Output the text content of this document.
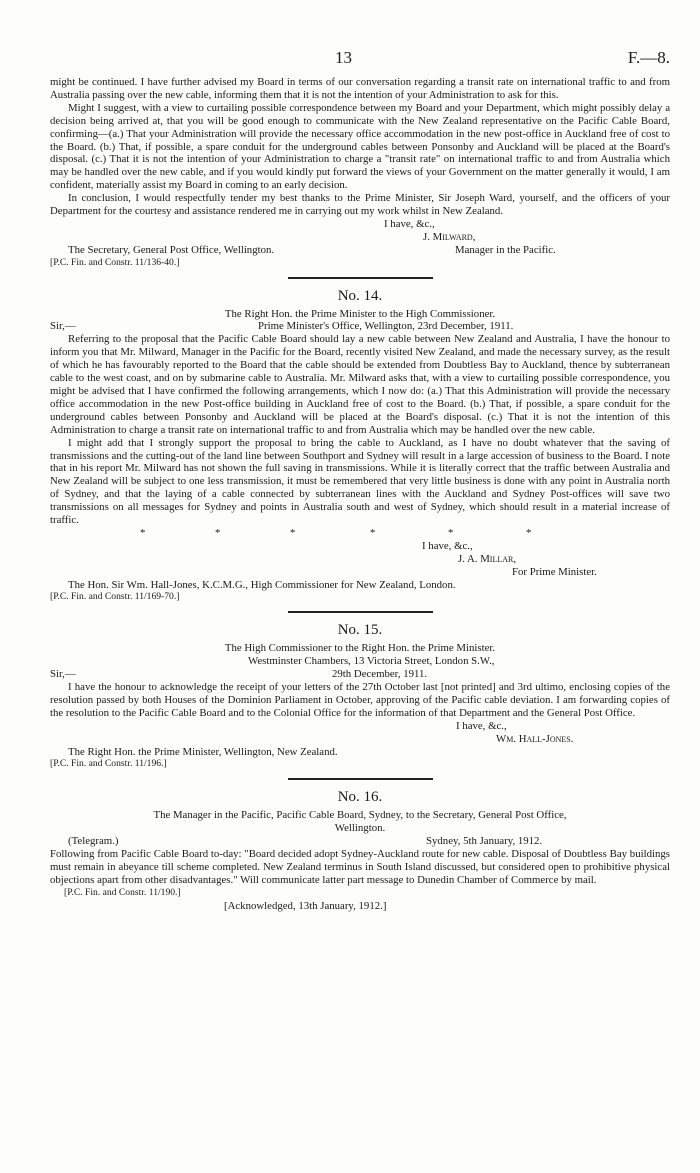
13	F.—8.

might be continued. I have further advised my Board in terms of our conversation regarding a transit rate on international traffic to and from Australia passing over the new cable, informing them that it is not the intention of your Administration to ask for this.

Might I suggest, with a view to curtailing possible correspondence between my Board and your Department, which might possibly delay a decision being arrived at, that you will be good enough to communicate with the New Zealand representative on the Pacific Cable Board, confirming—(a.) That your Administration will provide the necessary office accommodation in the new post-office in Auckland free of cost to the Board. (b.) That, if possible, a spare conduit for the underground cables between Ponsonby and Auckland will be placed at the Board's disposal. (c.) That it is not the intention of your Administration to charge a "transit rate" on international traffic to and from Australia which may be handled over the new cable, and if you would kindly put forward the views of your Government on the matter generally it would, I am confident, materially assist my Board in coming to an early decision.

In conclusion, I would respectfully tender my best thanks to the Prime Minister, Sir Joseph Ward, yourself, and the officers of your Department for the courtesy and assistance rendered me in carrying out my work whilst in New Zealand.

I have, &c.,
J. Milward,
The Secretary, General Post Office, Wellington.	Manager in the Pacific.
[P.C. Fin. and Constr. 11/136-40.]
No. 14.
The Right Hon. the Prime Minister to the High Commissioner.
Sir,—	Prime Minister's Office, Wellington, 23rd December, 1911.

Referring to the proposal that the Pacific Cable Board should lay a new cable between New Zealand and Australia, I have the honour to inform you that Mr. Milward, Manager in the Pacific for the Board, recently visited New Zealand, and made the necessary survey, as the result of which he has favourably reported to the Board that the cable should be extended from Doubtless Bay to Auckland, thence by subterranean cable to the west coast, and on by submarine cable to Australia. Mr. Milward asks that, with a view to curtailing possible correspondence, you might be advised that I have confirmed the following arrangements, which I now do: (a.) That this Administration will provide the necessary office accommodation in the new Post-office building in Auckland free of cost to the Board. (b.) That, if possible, a spare conduit for the underground cables between Ponsonby and Auckland will be placed at the Board's disposal. (c.) That it is not the intention of this Administration to charge a transit rate on international traffic to and from Australia which may be handled over the new cable.

I might add that I strongly support the proposal to bring the cable to Auckland, as I have no doubt whatever that the saving of transmissions and the cutting-out of the land line between Southport and Sydney will result in a large accession of business to the Board. I note that in his report Mr. Milward has not shown the full saving in transmissions. While it is literally correct that the traffic between Australia and New Zealand will be subject to one less transmission, it must be remembered that very little business is done with any point in Australia north of Sydney, and that the laying of a cable connected by subterranean lines with the Auckland and Sydney Post-offices will save two transmissions on all messages for Sydney and points in Australia south and west of Sydney, which should result in a material increase of traffic.

*	*	*	*	*	*
I have, &c.,
J. A. Millar,
For Prime Minister.
The Hon. Sir Wm. Hall-Jones, K.C.M.G., High Commissioner for New Zealand, London.
[P.C. Fin. and Constr. 11/169-70.]
No. 15.
The High Commissioner to the Right Hon. the Prime Minister.
Westminster Chambers, 13 Victoria Street, London S.W.,
Sir,—	29th December, 1911.

I have the honour to acknowledge the receipt of your letters of the 27th October last [not printed] and 3rd ultimo, enclosing copies of the resolution passed by both Houses of the Dominion Parliament in October, approving of the Pacific cable deviation. I am forwarding copies of the resolution to the Pacific Cable Board and to the Colonial Office for the information of that Department and the General Post Office.

I have, &c.,
Wm. Hall-Jones.
The Right Hon. the Prime Minister, Wellington, New Zealand.
[P.C. Fin. and Constr. 11/196.]
No. 16.
The Manager in the Pacific, Pacific Cable Board, Sydney, to the Secretary, General Post Office,
Wellington.
(Telegram.)	Sydney, 5th January, 1912.

Following from Pacific Cable Board to-day: "Board decided adopt Sydney-Auckland route for new cable. Disposal of Doubtless Bay buildings must remain in abeyance till scheme completed. New Zealand terminus in South Island discussed, but considered open to prohibitive physical objections apart from other disadvantages." Will communicate latter part message to Dunedin Chamber of Commerce by mail.

[P.C. Fin. and Constr. 11/190.]
[Acknowledged, 13th January, 1912.]
